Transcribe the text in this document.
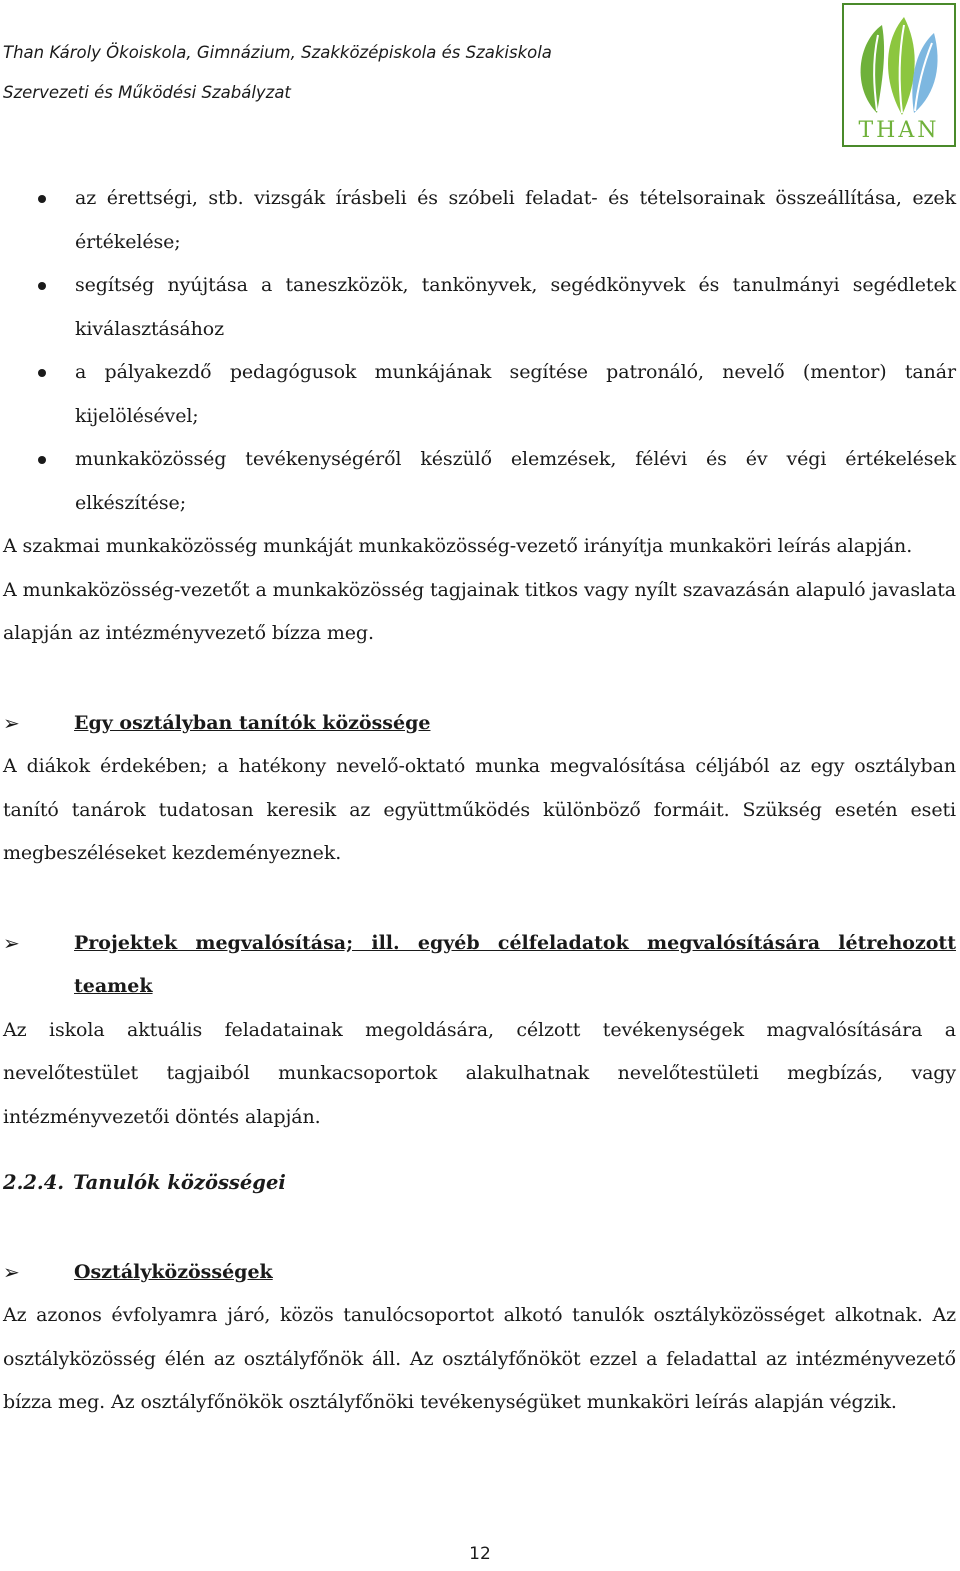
Than Károly Ökoiskola, Gimnázium, Szakközépiskola és Szakiskola
Szervezeti és Működési Szabályzat
THAN
az érettségi, stb. vizsgák írásbeli és szóbeli feladat- és tételsorainak összeállítása, ezek értékelése;
segítség nyújtása a taneszközök, tankönyvek, segédkönyvek és tanulmányi segédletek kiválasztásához
a pályakezdő pedagógusok munkájának segítése patronáló, nevelő (mentor) tanár kijelölésével;
munkaközösség tevékenységéről készülő elemzések, félévi és év végi értékelések elkészítése;

A szakmai munkaközösség munkáját munkaközösség-vezető irányítja munkaköri leírás alapján.

A munkaközösség-vezetőt a munkaközösség tagjainak titkos vagy nyílt szavazásán alapuló javaslata alapján az intézményvezető bízza meg.

➢	Egy osztályban tanítók közössége

A diákok érdekében; a hatékony nevelő-oktató munka megvalósítása céljából az egy osztályban tanító tanárok tudatosan keresik az együttműködés különböző formáit. Szükség esetén eseti megbeszéléseket kezdeményeznek.

➢	Projektek megvalósítása; ill. egyéb célfeladatok megvalósítására létrehozott teamek

Az iskola aktuális feladatainak megoldására, célzott tevékenységek magvalósítására a nevelőtestület tagjaiból munkacsoportok alakulhatnak nevelőtestületi megbízás, vagy intézményvezetői döntés alapján.

2.2.4. Tanulók közösségei

➢	Osztályközösségek

Az azonos évfolyamra járó, közös tanulócsoportot alkotó tanulók osztályközösséget alkotnak. Az osztályközösség élén az osztályfőnök áll. Az osztályfőnököt ezzel a feladattal az intézményvezető bízza meg. Az osztályfőnökök osztályfőnöki tevékenységüket munkaköri leírás alapján végzik.

12
